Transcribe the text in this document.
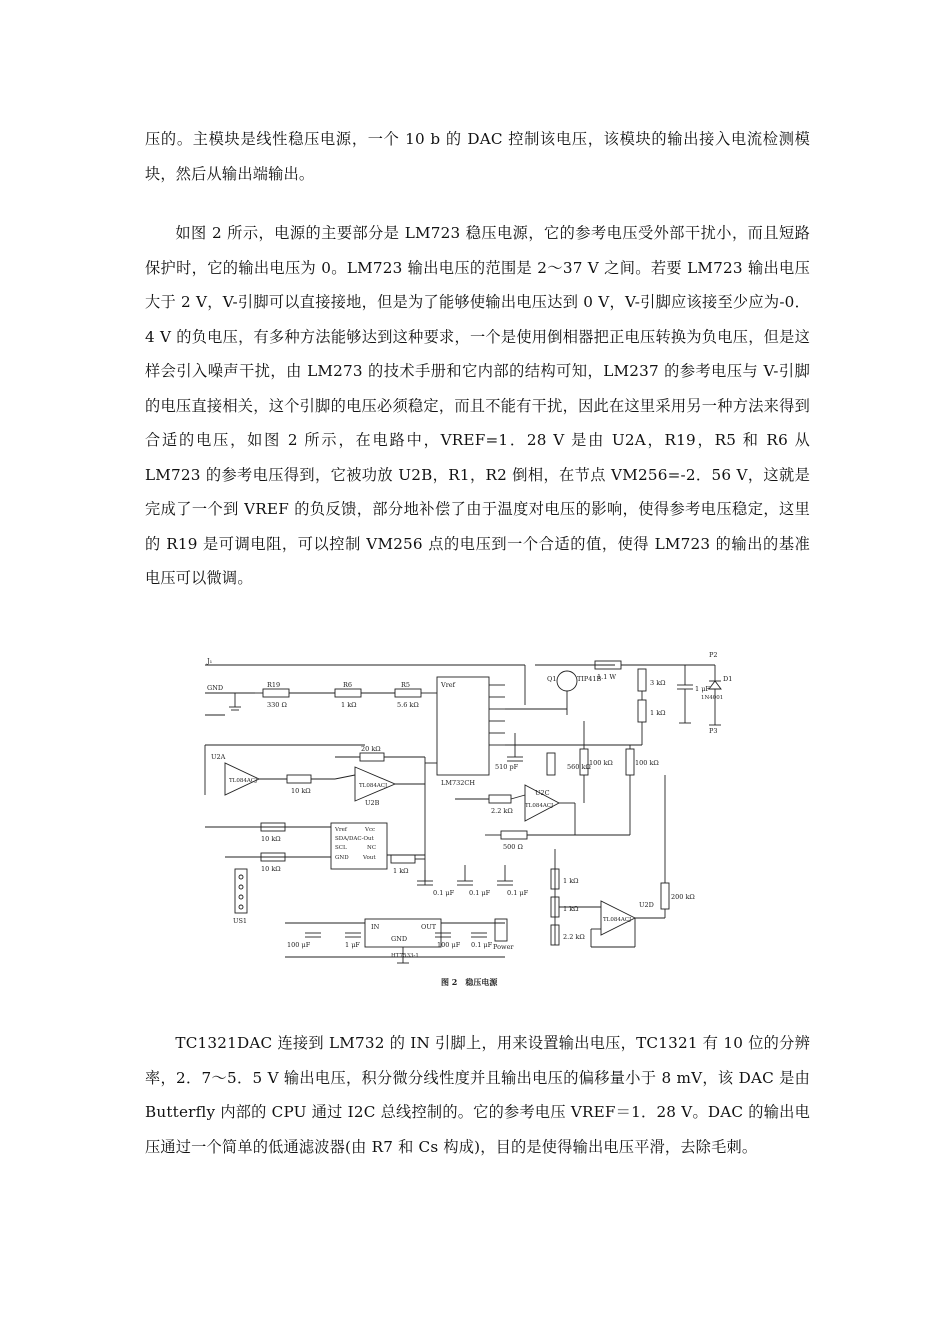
压的。主模块是线性稳压电源，一个 10 b 的 DAC 控制该电压，该模块的输出接入电流检测模块，然后从输出端输出。

如图 2 所示，电源的主要部分是 LM723 稳压电源，它的参考电压受外部干扰小，而且短路保护时，它的输出电压为 0。LM723 输出电压的范围是 2～37 V 之间。若要 LM723 输出电压大于 2 V，V-引脚可以直接接地，但是为了能够使输出电压达到 0 V，V-引脚应该接至少应为-0．4 V 的负电压，有多种方法能够达到这种要求，一个是使用倒相器把正电压转换为负电压，但是这样会引入噪声干扰，由 LM273 的技术手册和它内部的结构可知，LM237 的参考电压与 V-引脚的电压直接相关，这个引脚的电压必须稳定，而且不能有干扰，因此在这里采用另一种方法来得到合适的电压，如图 2 所示，在电路中，VREF=1．28 V 是由 U2A，R19，R5 和 R6 从 LM723 的参考电压得到，它被功放 U2B，R1，R2 倒相，在节点 VM256=-2．56 V，这就是完成了一个到 VREF 的负反馈，部分地补偿了由于温度对电压的影响，使得参考电压稳定，这里的 R19 是可调电阻，可以控制 VM256 点的电压到一个合适的值，使得 LM723 的输出的基准电压可以微调。

J₁
GND	R19
330 Ω
R6
1 kΩ
R5
5.6 kΩ
Vref
LM732CH
Q1	TIP41B
1.1 W
3 kΩ
1 kΩ
1 μF
D1
1N4001
P2
P3
U2A
TL084ACJ
TL084ACJ
U2B
10 kΩ
20 kΩ
510 pF	560 kΩ
100 kΩ	100 kΩ
U2C
TL084ACJ
2.2 kΩ
500 Ω
Vref
SDA/DAC-Out
SCL
GND
Vcc
NC
Vout
10 kΩ
10 kΩ	1 kΩ
0.1 μF 0.1 μF	0.1 μF
US1
U2D
TL084ACJ
200 kΩ
1 kΩ
1 kΩ
2.2 kΩ
IN	OUT
GND
HT7533-1
100 μF	1 μF	100 μF 0.1 μF Power
图 2　稳压电源

TC1321DAC 连接到 LM732 的 IN 引脚上，用来设置输出电压，TC1321 有 10 位的分辨率，2．7～5．5 V 输出电压，积分微分线性度并且输出电压的偏移量小于 8 mV，该 DAC 是由 Butterfly 内部的 CPU 通过 I2C 总线控制的。它的参考电压 VREF＝1．28 V。DAC 的输出电压通过一个简单的低通滤波器(由 R7 和 Cs 构成)，目的是使得输出电压平滑，去除毛刺。
